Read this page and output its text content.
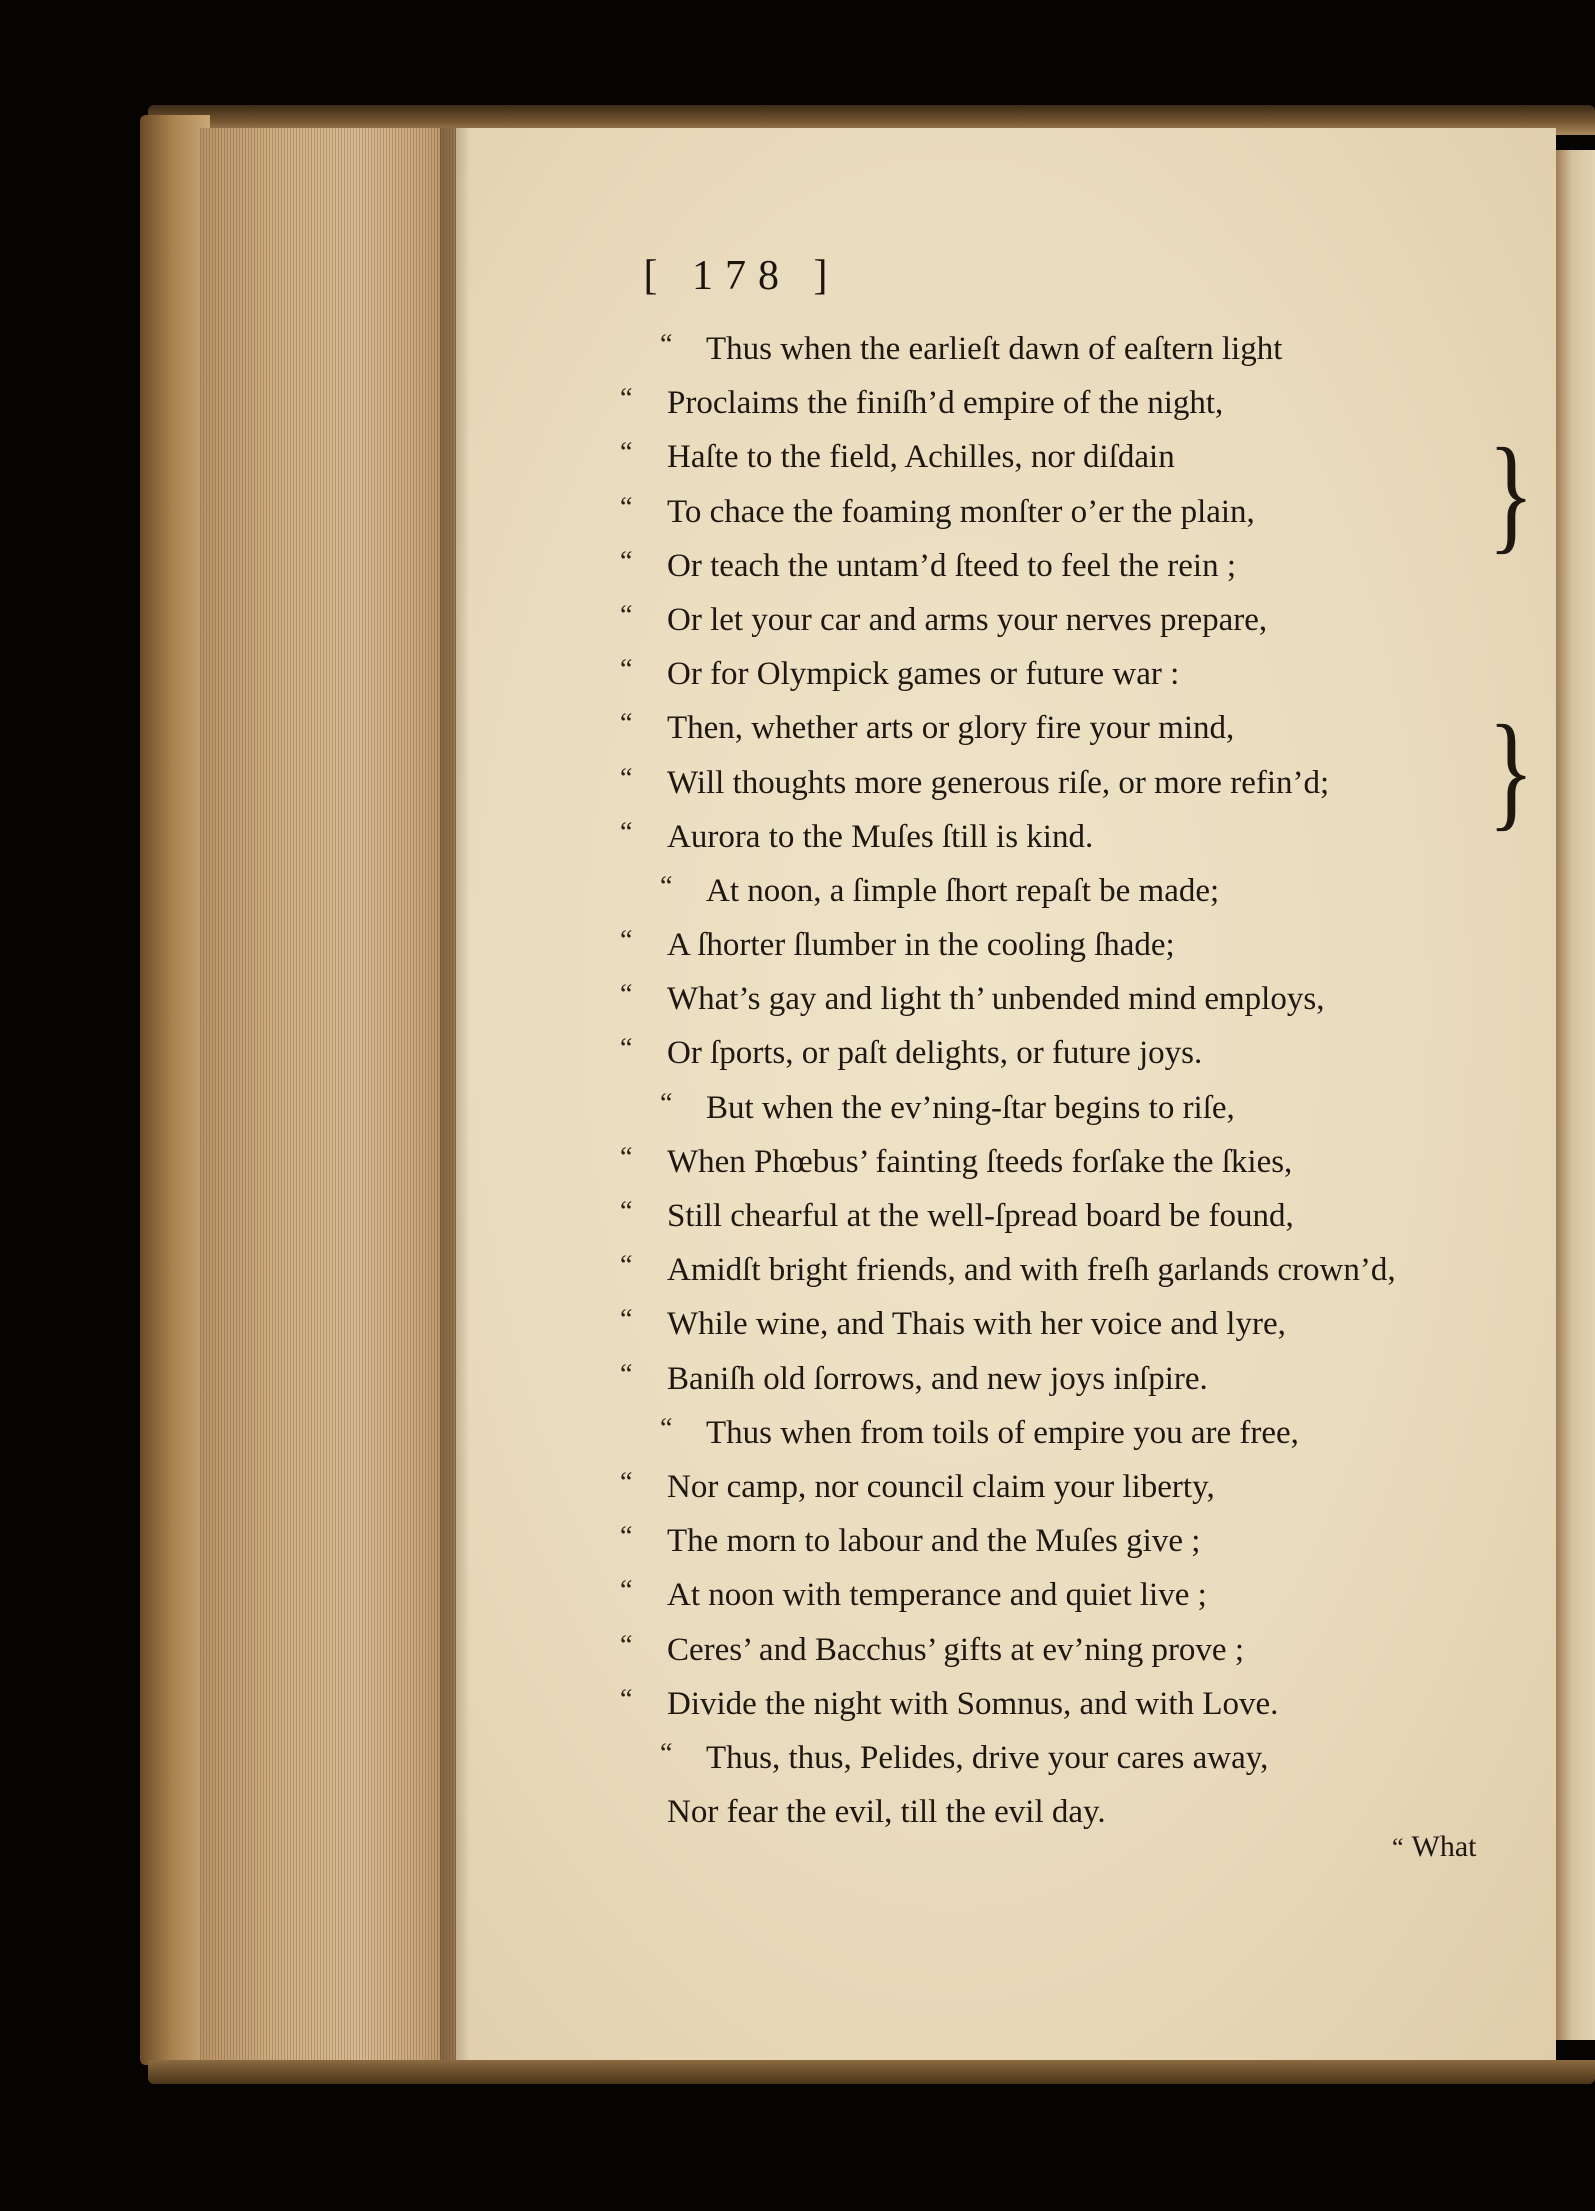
[ 178 ]
“ Thus when the earlieſt dawn of eaſtern light
“ Proclaims the finiſh’d empire of the night,
“ Haſte to the field, Achilles, nor diſdain
“ To chace the foaming monſter o’er the plain,
“ Or teach the untam’d ſteed to feel the rein ;
“ Or let your car and arms your nerves prepare,
“ Or for Olympick games or future war :
“ Then, whether arts or glory fire your mind,
“ Will thoughts more generous riſe, or more refin’d;
“ Aurora to the Muſes ſtill is kind.
“ At noon, a ſimple ſhort repaſt be made;
“ A ſhorter ſlumber in the cooling ſhade;
“ What’s gay and light th’ unbended mind employs,
“ Or ſports, or paſt delights, or future joys.
“ But when the ev’ning-ſtar begins to riſe,
“ When Phœbus’ fainting ſteeds forſake the ſkies,
“ Still chearful at the well-ſpread board be found,
“ Amidſt bright friends, and with freſh garlands crown’d,
“ While wine, and Thais with her voice and lyre,
“ Baniſh old ſorrows, and new joys inſpire.
“ Thus when from toils of empire you are free,
“ Nor camp, nor council claim your liberty,
“ The morn to labour and the Muſes give ;
“ At noon with temperance and quiet live ;
“ Ceres’ and Bacchus’ gifts at ev’ning prove ;
“ Divide the night with Somnus, and with Love.
“ Thus, thus, Pelides, drive your cares away,
Nor fear the evil, till the evil day.
}
}
“ What
